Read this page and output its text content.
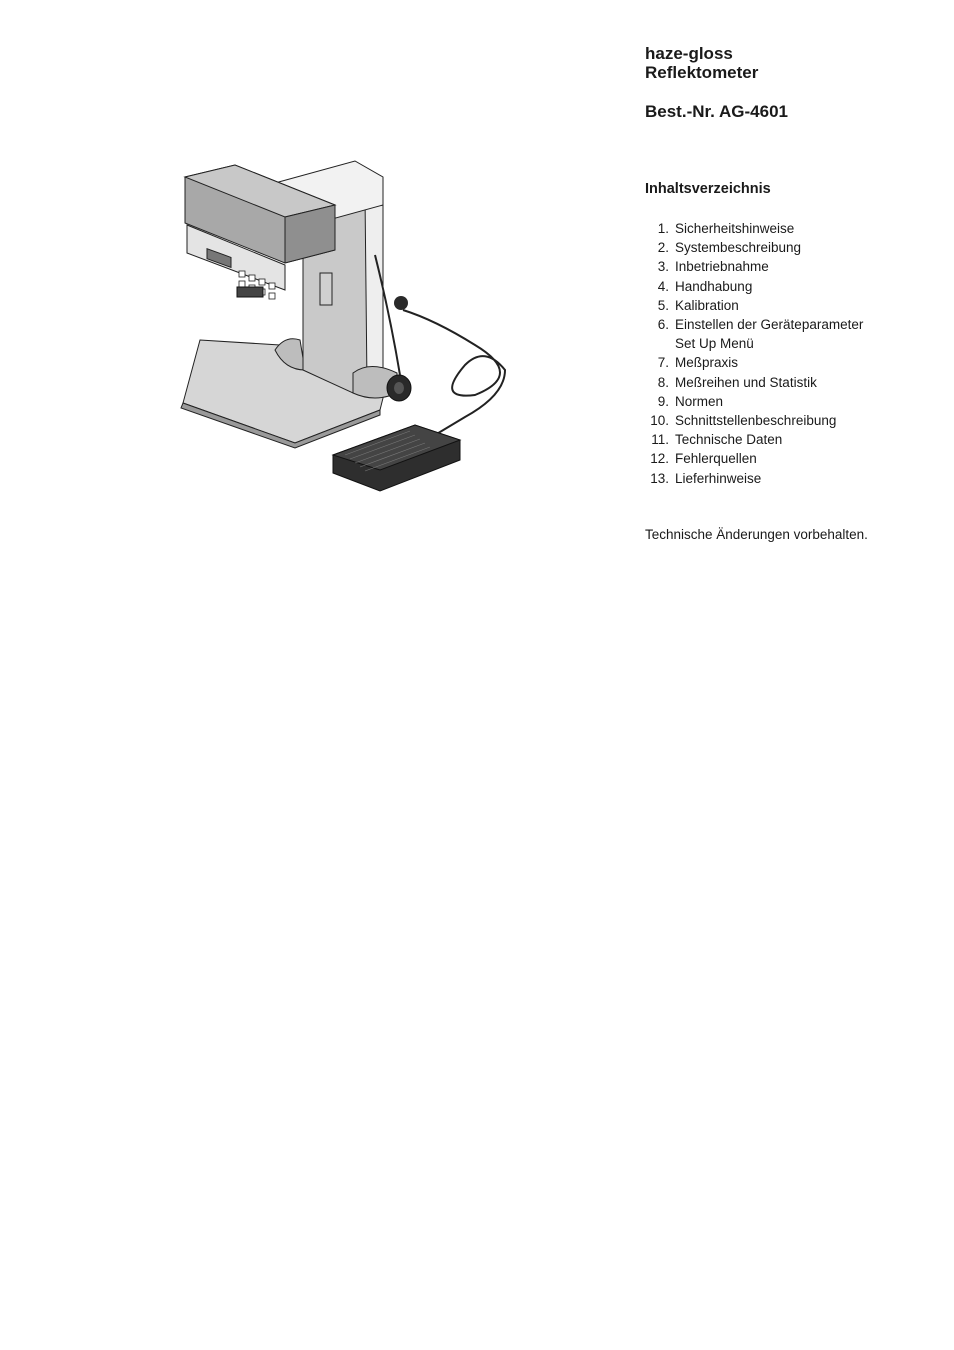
haze-gloss
Reflektometer
Best.-Nr. AG-4601
Inhaltsverzeichnis
1. Sicherheitshinweise
2. Systembeschreibung
3. Inbetriebnahme
4. Handhabung
5. Kalibration
6. Einstellen der Geräteparameter
Set Up Menü
7. Meßpraxis
8. Meßreihen und Statistik
9. Normen
10. Schnittstellenbeschreibung
11. Technische Daten
12. Fehlerquellen
13. Lieferhinweise
Technische Änderungen vorbehalten.
